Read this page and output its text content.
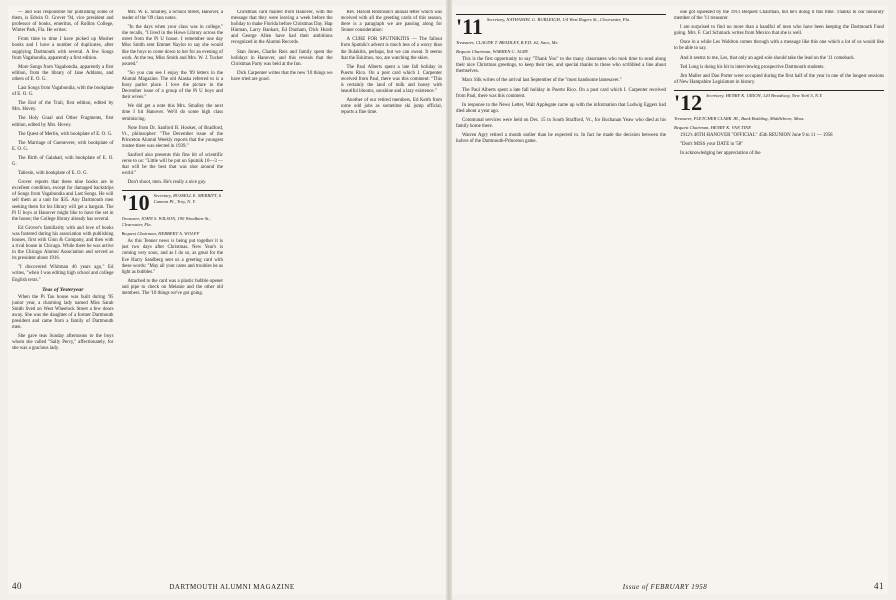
— and was responsible for publishing some of them, is Edwin O. Grover '94, vice president and professor of books, emeritus, of Rollins College, Winter Park, Fla. He writes:

From time to time I have picked up Mosher books and I have a number of duplicates, after supplying Dartmouth with several. A few Songs from Vagabondia, apparently a first edition.

More Songs from Vagabondia, apparently a first edition, from the library of Jane Addams, and others of E. O. G.

Last Songs from Vagabondia, with the bookplate of E. O. G.

The End of the Trail, first edition, edited by Mrs. Hovey.

The Holy Graal and Other Fragments, first edition, edited by Mrs. Hovey.

The Quest of Merlin, with bookplate of E. O. G.

The Marriage of Guenevere, with bookplate of E. O. G.

The Birth of Galahad, with bookplate of E. O. G.

Taliesin, with bookplate of E. O. G.

Grover reports that these nine books are in excellent condition, except for damaged backstrips of Songs from Vagabondia and Last Songs. He will sell them as a unit for $35. Any Dartmouth men seeking them for his library will get a bargain. The Pi U boys at Hanover might like to have the set in the house; the College library already has several.

Ed Grover's familiarity with and love of books was fostered during his association with publishing houses, first with Ginn & Company, and then with a rival house in Chicago. While there he was active in the Chicago Alumni Association and served as its president about 1916.

"I discovered Whitman 46 years ago," Ed writes, "when I was editing high school and college English texts."

Teas of Yesteryear

When the Pi Tau house was built during '95 junior year, a charming lady named Miss Sarah Smith lived on West Wheelock Street a few doors away. She was the daughter of a former Dartmouth president and came from a family of Dartmouth men.

She gave teas Sunday afternoons to the boys whom she called "Sally Percy," affectionately, for she was a gracious lady.

Mrs. W. E. Smalley, a School Street, Hanover, a reader of the '09 class notes.

"In the days when your class was in college," she recalls, "I lived in the Howe Library across the street from the Pi U house. I remember one day Miss Smith sent Emmet Naylor to say she would like the boys to come down to her for an evening of work. At the tea, Miss Smith and Mrs. W. J. Tucker poured."

"So you can see I enjoy the '09 letters in the Alumni Magazine. The old Alaska referred to is a fussy parlor place. I love the picture in the December issue of a group of the Pi U boys and their wives."

We did get a note this Mrs. Smalley the next time I hit Hanover. We'll do some high class reminiscing.

Note from Dr. Sanford B. Hooker, of Bradford, Vt., philosopher: "The December issue of the Princeton Alumni Weekly reports that the youngest trustee there was elected in 1939."

Sanford also presents this fine bit of scientific verse to us: "Little will be put on Sputnik 10—3 — that will be the best that was shot around the world."

Don't shoot, men. He's really a nice guy.

'10 Secretary, RUSSELL E. MERRITT, 6 Cannon Pl., Troy, N. Y.
Treasurer, JOHN S. WILSON, 190 Woodbine St., Clearwater, Fla.
Bequest Chairman, HERBERT A. WOLFF

As this Tenner news is being put together it is just two days after Christmas. New Year's is coming very soon, and as I do so, as great for the Eve Harry Sandberg sent us a greeting card with these words: "May all your cares and troubles be as light as bubbles."

Attached to the card was a plastic bubble opener and pipe to check on Melanie and the other old members. The '10 things we've got going.

Christmas card mailed from Hanover, with the message that they were leaving a week before the holiday to make Florida before Christmas Day. Hap Hinman, Larry Bankart, Ed Dunham, Dick Hursh and George Allen have had their ambitions recognized in the Alumni Records.

Stan Jones, Charlie Reis and family spent the holidays in Hanover, and this reveals that the Christmas Party was held at the Inn.

Dick Carpenter writes that the new '10 things we have tried are good.

Rev. Harold Robinson's annual letter which was received with all the greeting cards of this season, there is a paragraph we are passing along for Tenner consideration:

A CURE FOR SPUTNIKITIS — The fallout from Sputnik's advent is much less of a worry than the Ilulakitis, perhaps, but we can sweat. It seems that the Eskimos, too, are watching the skies.

The Paul Alberts spent a late fall holiday in Puerto Rico. On a post card which I. Carpenter received from Paul, there was this comment: "This is certainly the land of milk and honey with beautiful blooms, sunshine and a lazy existence."

Another of our retired members, Ed Keith from some odd jobs as sometime ski jump official, reports a fine time.

40	DARTMOUTH ALUMNI MAGAZINE
'11 Secretary, NATHANIEL G. BURLEIGH, 1/4 West Rogers St., Clearwater, Fla.
Treasurer, CLAUDE T. BRADLEY, R.F.D. #2, Saco, Me.
Bequest Chairman, WARREN C. AGRY

This is the first opportunity to say "Thank You" to the many classmates who took time to send along their nice Christmas greetings, to keep their ties, and special thanks to those who scribbled a line about themselves.

Marx Silk writes of the arrival last September of the "most handsome lamesaver."

The Paul Alberts spent a late fall holiday in Puerto Rico. On a post card which I. Carpenter received from Paul, there was this comment.

In response to the News Letter, Walt Applegate came up with the information that Ludwig Eggers had died about a year ago.

Communal services were held on Dec. 15 in South Strafford, Vt., for Buchanan Yeaw who died at his family home there.

Warren Agry retired a month earlier than he expected to. In fact he made the decision between the halves of the Dartmouth-Princeton game.

one got squeezed by the 1911 Bequest Chairman, but he's doing it this time. Thanks to our honorary member of the '11 treasurer.

I am surprised to find no more than a handful of men who have been keeping the Dartmouth Fund going. Mrs. F. Carl Schmuck writes from Mexico that she is well.

Once in a while Les Waldron comes through with a message like this one which a lot of us would like to be able to say.

And it seems to me, Les, that only an aged sole should take the lead on the '11 comeback.

Ted Long is doing his bit in interviewing prospective Dartmouth students.

Jim Maller and Dan Porter were occupied during the first half of the year in one of the longest sessions of New Hampshire Legislature in history.

'12 Secretary, HENRY K. URION, 120 Broadway, New York 5, N.Y.
Treasurer, FLETCHER CLARK JR., Bank Building, Middleboro, Mass.
Bequest Chairman, HENRY K. VAN TINE

1912's 46TH HANOVER "OFFICIAL" 45th REUNION June 9 to 11 — 1958

"Don't MISS your DATE in '58"

In acknowledging her appreciation of the

Issue of FEBRUARY 1958	41
